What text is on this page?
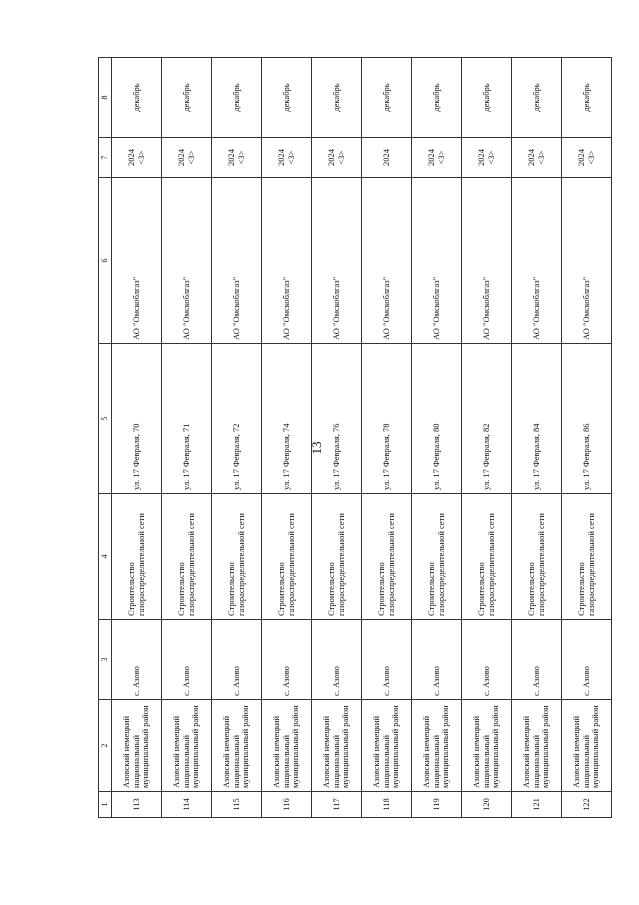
13
1	2	3	4	5	6	7	8
113	Азовский немецкий национальный муниципальный район	с. Азово	Строительство газораспределительной сети	ул. 17 Февраля, 70	АО "Омскоблгаз"	2024 <3>	декабрь
114	Азовский немецкий национальный муниципальный район	с. Азово	Строительство газораспределительной сети	ул. 17 Февраля, 71	АО "Омскоблгаз"	2024 <3>	декабрь
115	Азовский немецкий национальный муниципальный район	с. Азово	Строительство газораспределительной сети	ул. 17 Февраля, 72	АО "Омскоблгаз"	2024 <3>	декабрь
116	Азовский немецкий национальный муниципальный район	с. Азово	Строительство газораспределительной сети	ул. 17 Февраля, 74	АО "Омскоблгаз"	2024 <3>	декабрь
117	Азовский немецкий национальный муниципальный район	с. Азово	Строительство газораспределительной сети	ул. 17 Февраля, 76	АО "Омскоблгаз"	2024 <3>	декабрь
118	Азовский немецкий национальный муниципальный район	с. Азово	Строительство газораспределительной сети	ул. 17 Февраля, 78	АО "Омскоблгаз"	2024	декабрь
119	Азовский немецкий национальный муниципальный район	с. Азово	Строительство газораспределительной сети	ул. 17 Февраля, 80	АО "Омскоблгаз"	2024 <3>	декабрь
120	Азовский немецкий национальный муниципальный район	с. Азово	Строительство газораспределительной сети	ул. 17 Февраля, 82	АО "Омскоблгаз"	2024 <3>	декабрь
121	Азовский немецкий национальный муниципальный район	с. Азово	Строительство газораспределительной сети	ул. 17 Февраля, 84	АО "Омскоблгаз"	2024 <3>	декабрь
122	Азовский немецкий национальный муниципальный район	с. Азово	Строительство газораспределительной сети	ул. 17 Февраля, 86	АО "Омскоблгаз"	2024 <3>	декабрь
